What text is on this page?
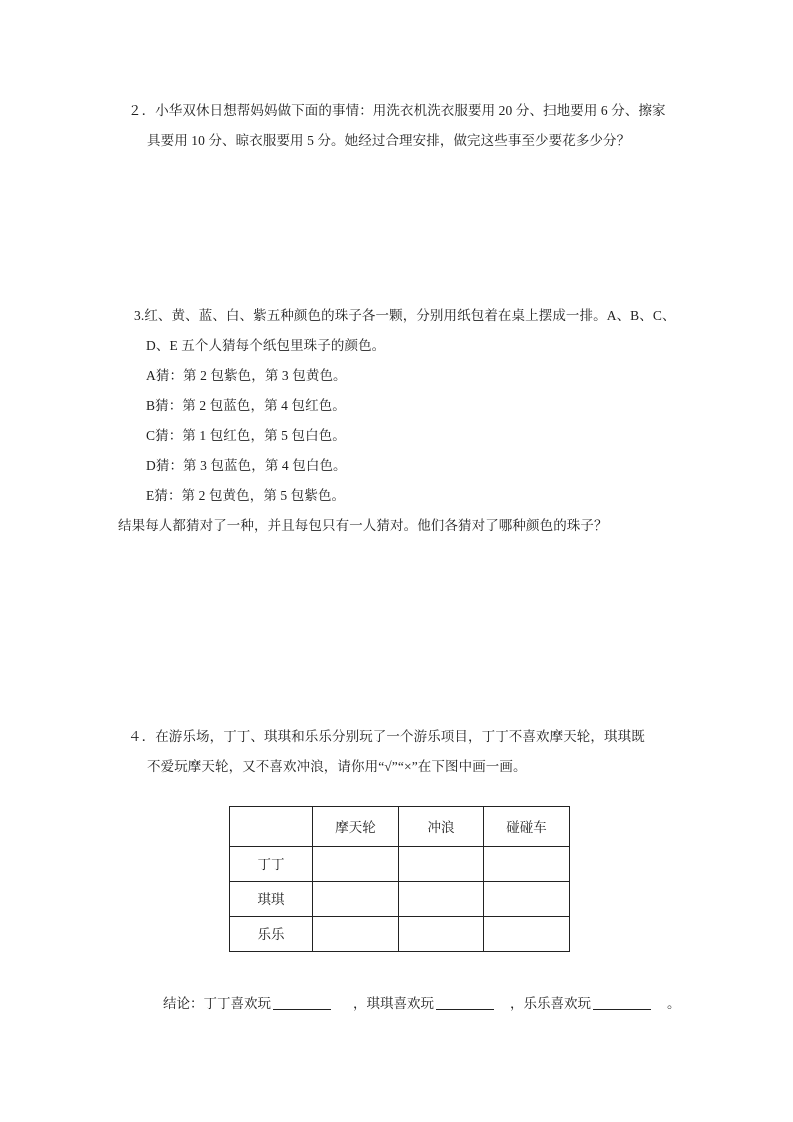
２．小华双休日想帮妈妈做下面的事情：用洗衣机洗衣服要用 20 分、扫地要用 6 分、擦家
具要用 10 分、晾衣服要用 5 分。她经过合理安排，做完这些事至少要花多少分？
3.红、黄、蓝、白、紫五种颜色的珠子各一颗，分别用纸包着在桌上摆成一排。A、B、C、
D、E 五个人猜每个纸包里珠子的颜色。
A猜：第 2 包紫色，第 3 包黄色。
B猜：第 2 包蓝色，第 4 包红色。
C猜：第 1 包红色，第 5 包白色。
D猜：第 3 包蓝色，第 4 包白色。
E猜：第 2 包黄色，第 5 包紫色。
结果每人都猜对了一种，并且每包只有一人猜对。他们各猜对了哪种颜色的珠子？
４．在游乐场，丁丁、琪琪和乐乐分别玩了一个游乐项目，丁丁不喜欢摩天轮，琪琪既
不爱玩摩天轮，又不喜欢冲浪，请你用“√”“×”在下图中画一画。
	摩天轮	冲浪	碰碰车
丁丁			
琪琪			
乐乐			
结论：丁丁喜欢玩	，琪琪喜欢玩	，乐乐喜欢玩	。
